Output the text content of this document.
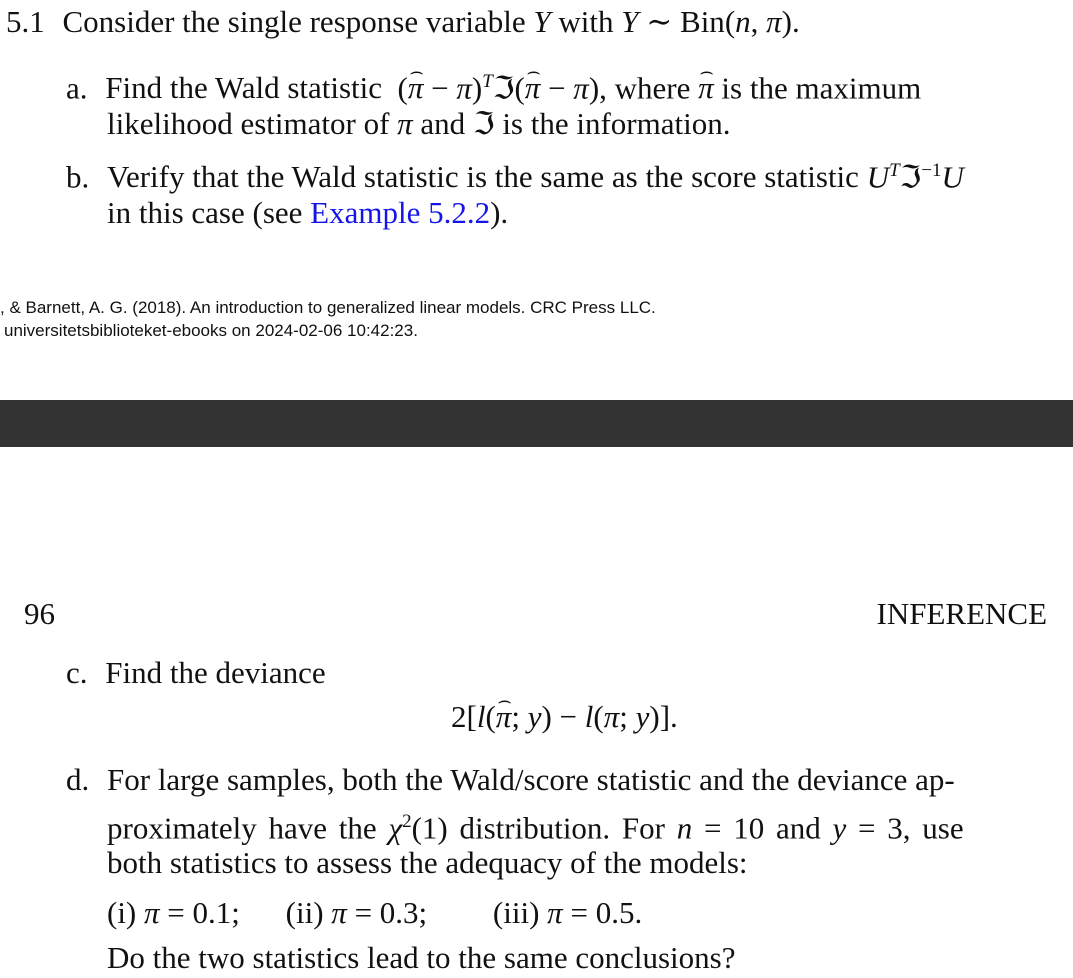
5.1 Consider the single response variable Y with Y ∼ Bin(n, π).
a. Find the Wald statistic  (⌢ π − π)$^T$ℑ(⌢ π − π), where ⌢ π is the maximum
likelihood estimator of π and ℑ is the information.
b. Verify that the Wald statistic is the same as the score statistic $U^Tℑ^{-1}U$
in this case (see Example 5.2.2).
, & Barnett, A. G. (2018). An introduction to generalized linear models. CRC Press LLC.
universitetsbiblioteket-ebooks on 2024-02-06 10:42:23.
96	INFERENCE
c. Find the deviance
2[l(⌢ π; y) − l(π; y)].
d. For large samples, both the Wald/score statistic and the deviance ap-
proximately have the $\chi^2(1)$ distribution. For n = 10 and y = 3, use
both statistics to assess the adequacy of the models:
(i) π = 0.1; (ii) π = 0.3; (iii) π = 0.5.
Do the two statistics lead to the same conclusions?
